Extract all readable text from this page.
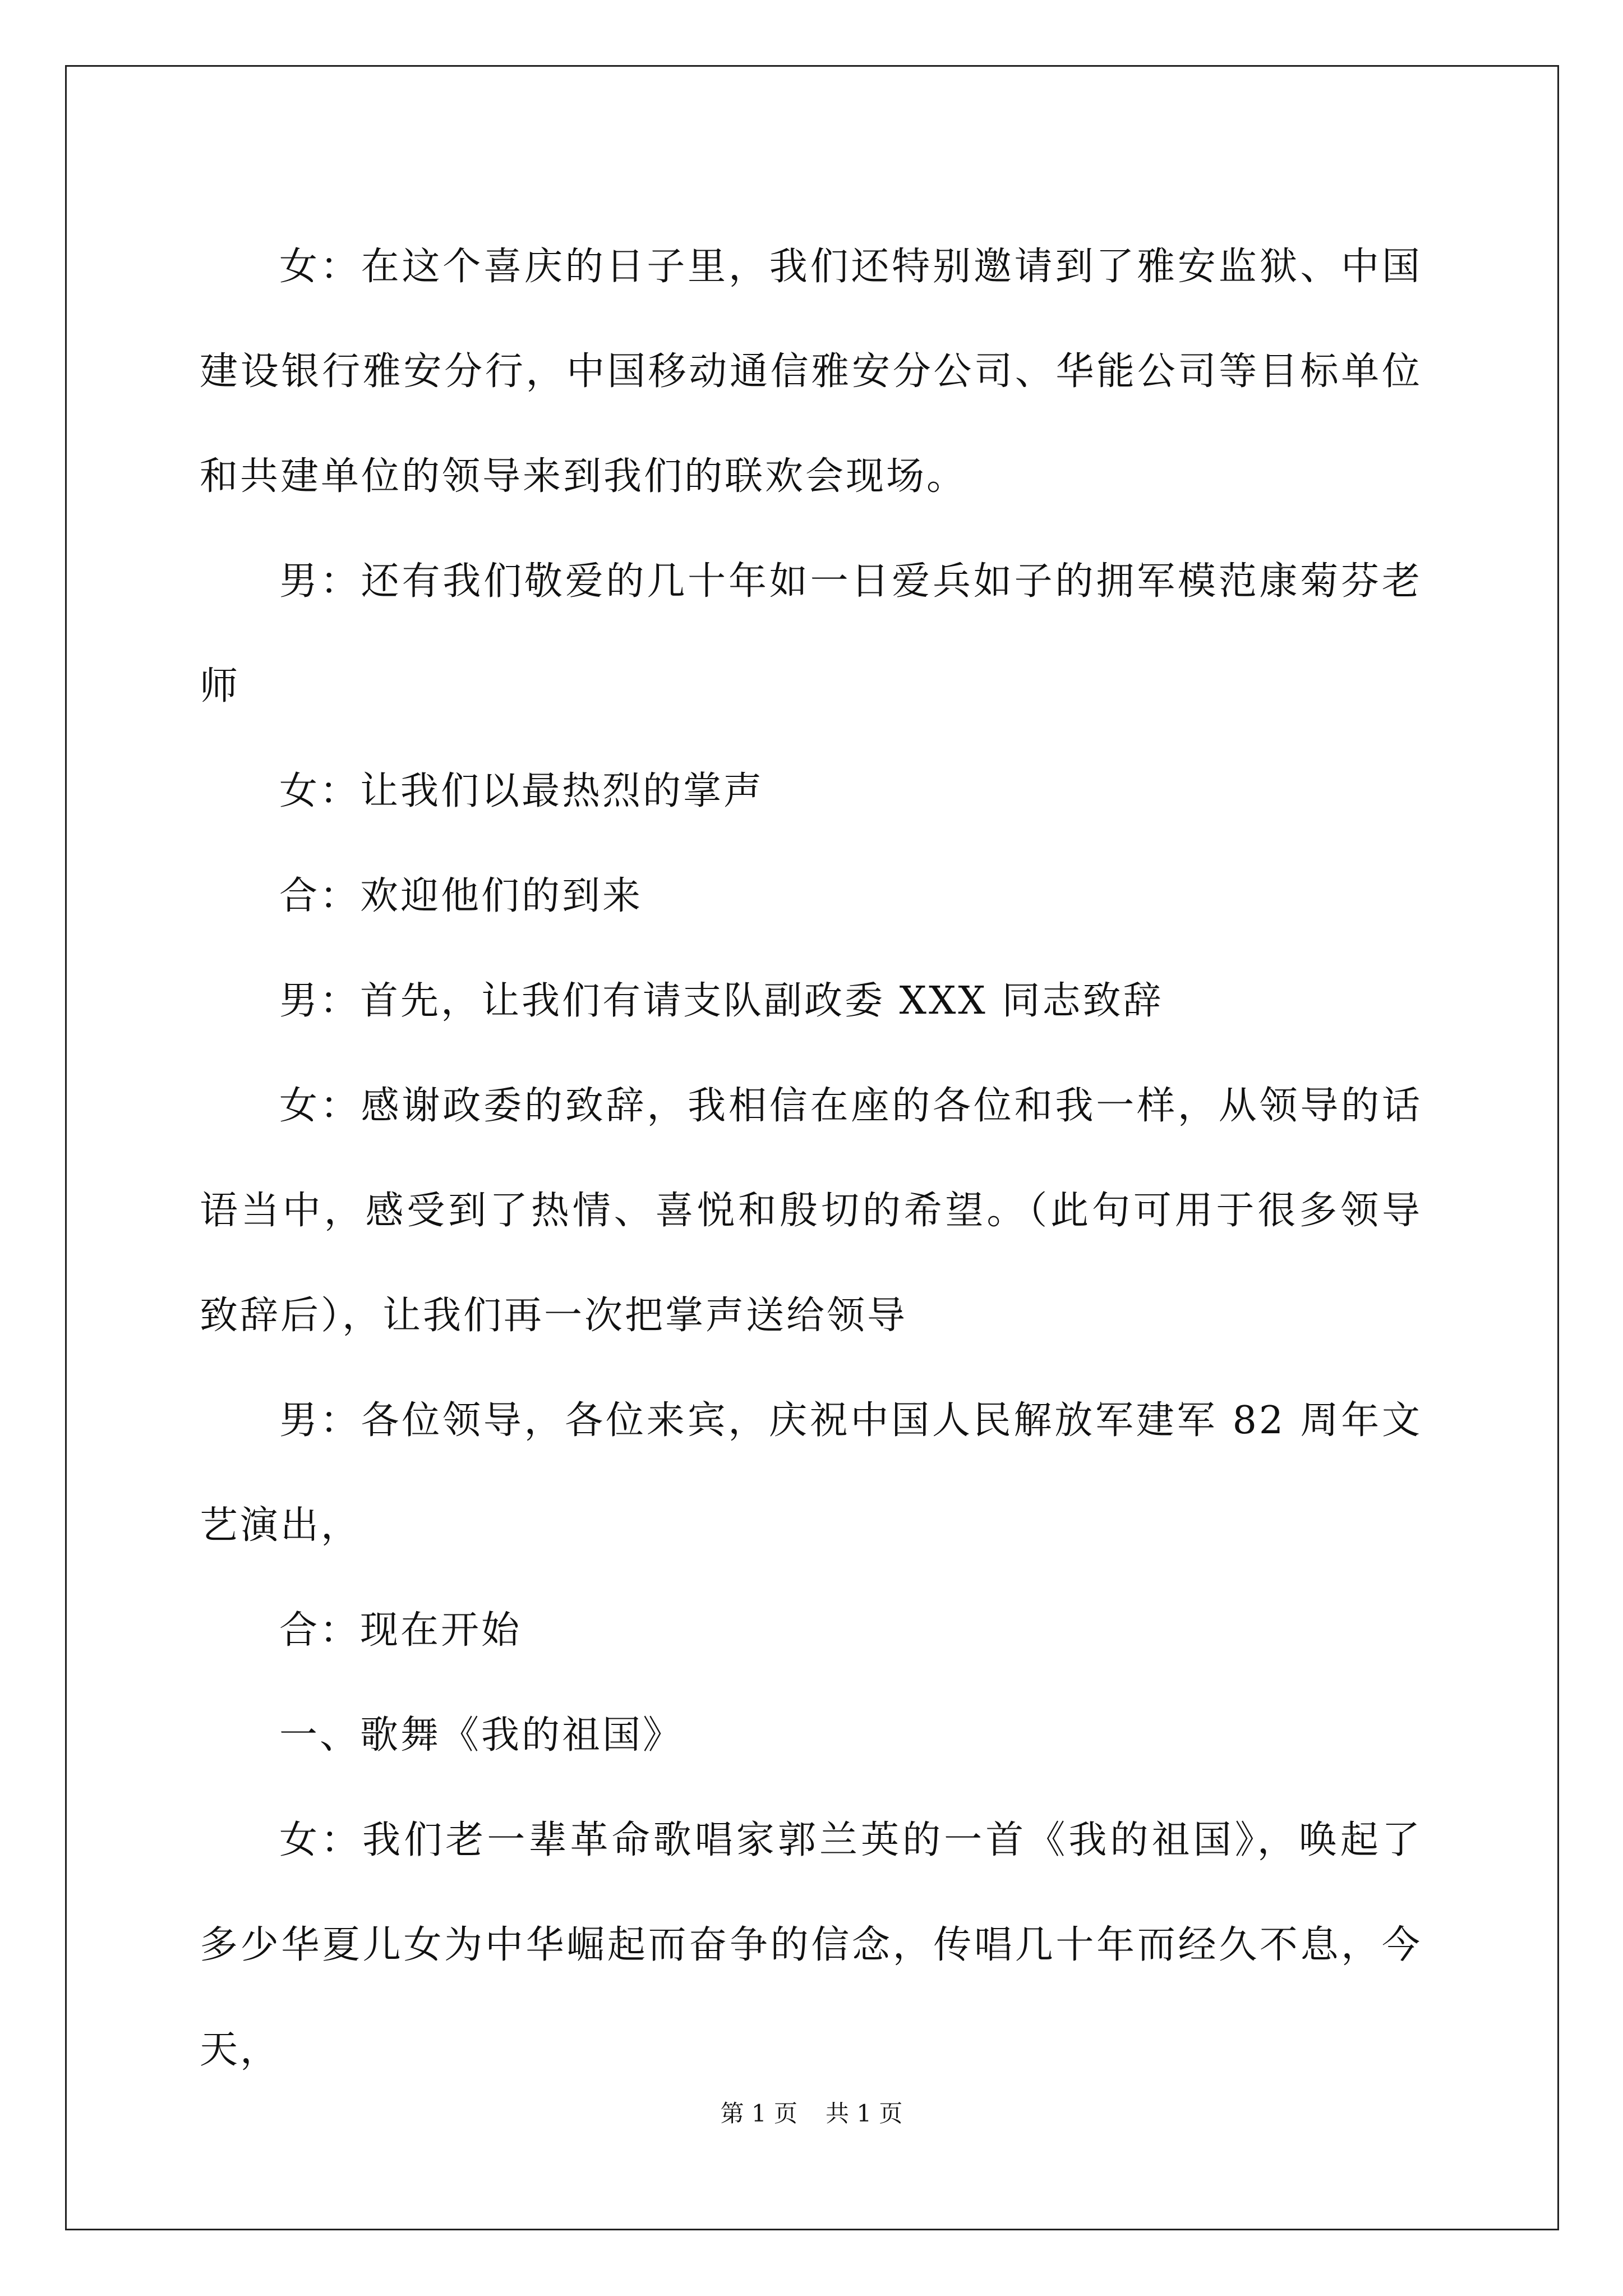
女：在这个喜庆的日子里，我们还特别邀请到了雅安监狱、中国建设银行雅安分行，中国移动通信雅安分公司、华能公司等目标单位和共建单位的领导来到我们的联欢会现场。

男：还有我们敬爱的几十年如一日爱兵如子的拥军模范康菊芬老师

女：让我们以最热烈的掌声

合：欢迎他们的到来

男：首先，让我们有请支队副政委 XXX 同志致辞

女：感谢政委的致辞，我相信在座的各位和我一样，从领导的话语当中，感受到了热情、喜悦和殷切的希望。（此句可用于很多领导致辞后），让我们再一次把掌声送给领导

男：各位领导，各位来宾，庆祝中国人民解放军建军 82 周年文艺演出，

合：现在开始

一、歌舞《我的祖国》

女：我们老一辈革命歌唱家郭兰英的一首《我的祖国》，唤起了多少华夏儿女为中华崛起而奋争的信念，传唱几十年而经久不息，今天，

第 1 页 共 1 页
